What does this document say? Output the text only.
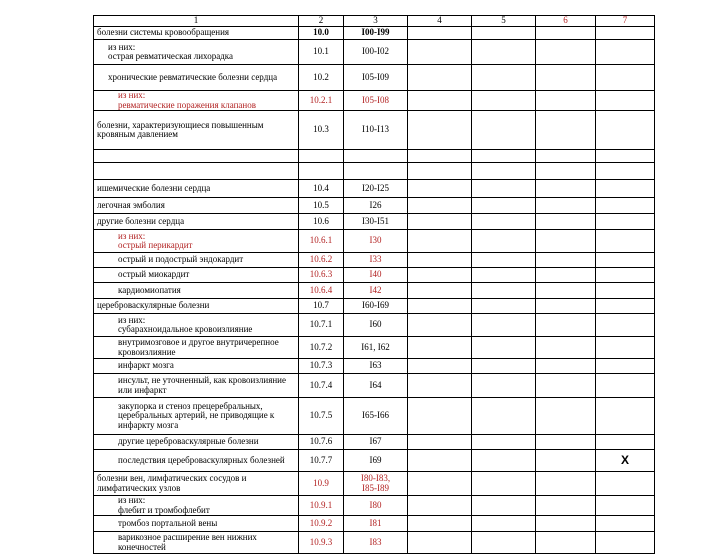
1	2	3	4	5	6	7
болезни системы кровообращения	10.0	I00-I99				
из них:
острая ревматическая лихорадка	10.1	I00-I02				
хронические ревматические болезни сердца	10.2	I05-I09				
из них:
ревматические поражения клапанов	10.2.1	I05-I08				
болезни, характеризующиеся повышенным кровяным давлением	10.3	I10-I13				

ишемические болезни сердца	10.4	I20-I25				
легочная эмболия	10.5	I26				
другие болезни сердца	10.6	I30-I51				
из них:
острый перикардит	10.6.1	I30				
острый и подострый эндокардит	10.6.2	I33				
острый миокардит	10.6.3	I40				
кардиомиопатия	10.6.4	I42				
цереброваскулярные болезни	10.7	I60-I69				
из них:
субарахноидальное кровоизлияние	10.7.1	I60				
внутримозговое и другое внутричерепное кровоизлияние	10.7.2	I61, I62				
инфаркт мозга	10.7.3	I63				
инсульт, не уточненный, как кровоизлияние или инфаркт	10.7.4	I64				
закупорка и стеноз прецеребральных, церебральных артерий, не приводящие к инфаркту мозга	10.7.5	I65-I66				
другие цереброваскулярные болезни	10.7.6	I67				
последствия цереброваскулярных болезней	10.7.7	I69				X
болезни вен, лимфатических сосудов и лимфатических узлов	10.9	I80-I83,
I85-I89				
из них:
флебит и тромбофлебит	10.9.1	I80				
тромбоз портальной вены	10.9.2	I81				
варикозное расширение вен нижних конечностей	10.9.3	I83				
